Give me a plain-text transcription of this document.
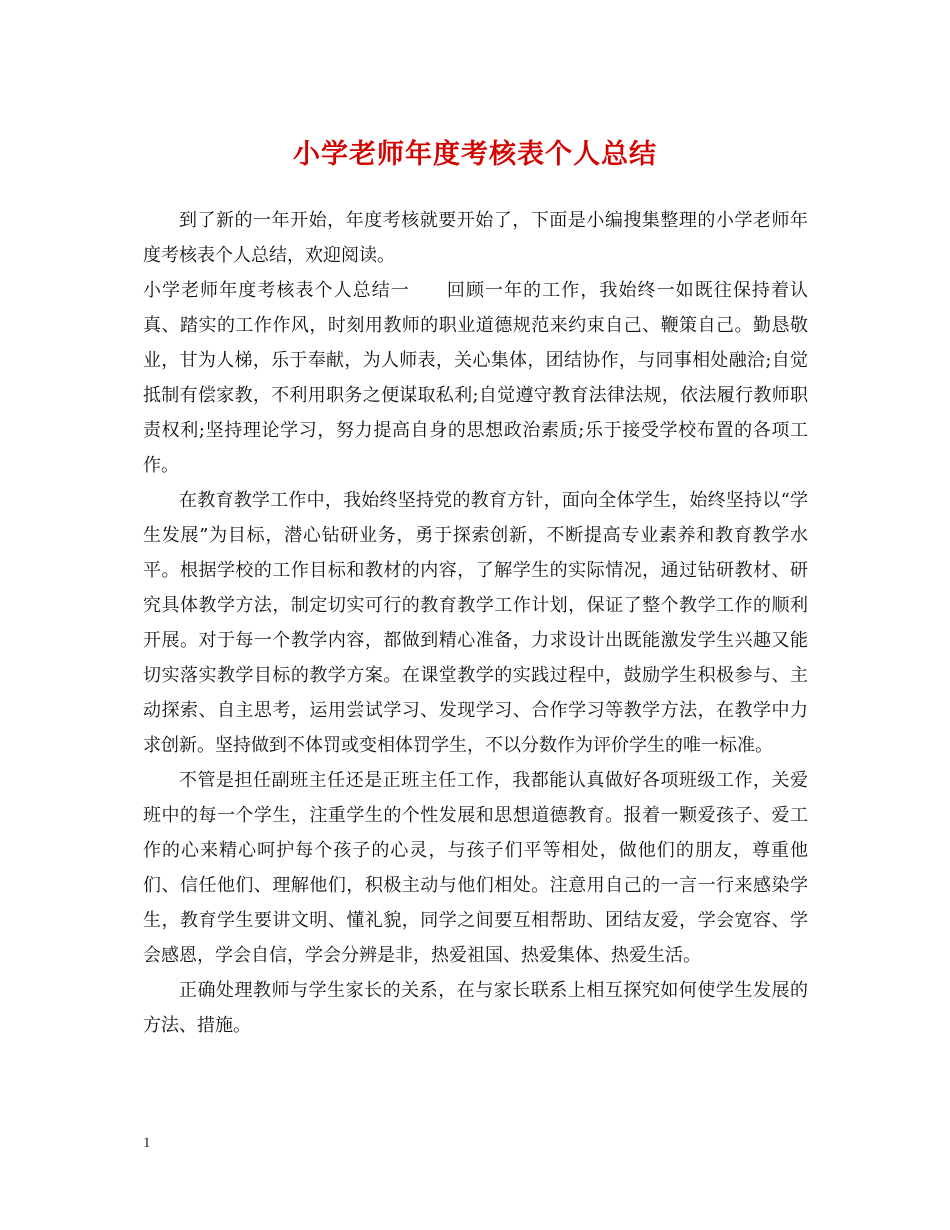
小学老师年度考核表个人总结

到了新的一年开始，年度考核就要开始了，下面是小编搜集整理的小学老师年度考核表个人总结，欢迎阅读。

小学老师年度考核表个人总结一 回顾一年的工作，我始终一如既往保持着认真、踏实的工作作风，时刻用教师的职业道德规范来约束自己、鞭策自己。勤恳敬业，甘为人梯，乐于奉献，为人师表，关心集体，团结协作，与同事相处融洽;自觉抵制有偿家教，不利用职务之便谋取私利;自觉遵守教育法律法规，依法履行教师职责权利;坚持理论学习，努力提高自身的思想政治素质;乐于接受学校布置的各项工作。

在教育教学工作中，我始终坚持党的教育方针，面向全体学生，始终坚持以“学生发展”为目标，潜心钻研业务，勇于探索创新，不断提高专业素养和教育教学水平。根据学校的工作目标和教材的内容，了解学生的实际情况，通过钻研教材、研究具体教学方法，制定切实可行的教育教学工作计划，保证了整个教学工作的顺利开展。对于每一个教学内容，都做到精心准备，力求设计出既能激发学生兴趣又能切实落实教学目标的教学方案。在课堂教学的实践过程中，鼓励学生积极参与、主动探索、自主思考，运用尝试学习、发现学习、合作学习等教学方法，在教学中力求创新。坚持做到不体罚或变相体罚学生，不以分数作为评价学生的唯一标准。

不管是担任副班主任还是正班主任工作，我都能认真做好各项班级工作，关爱班中的每一个学生，注重学生的个性发展和思想道德教育。报着一颗爱孩子、爱工作的心来精心呵护每个孩子的心灵，与孩子们平等相处，做他们的朋友，尊重他们、信任他们、理解他们，积极主动与他们相处。注意用自己的一言一行来感染学生，教育学生要讲文明、懂礼貌，同学之间要互相帮助、团结友爱，学会宽容、学会感恩，学会自信，学会分辨是非，热爱祖国、热爱集体、热爱生活。

正确处理教师与学生家长的关系，在与家长联系上相互探究如何使学生发展的方法、措施。

1
